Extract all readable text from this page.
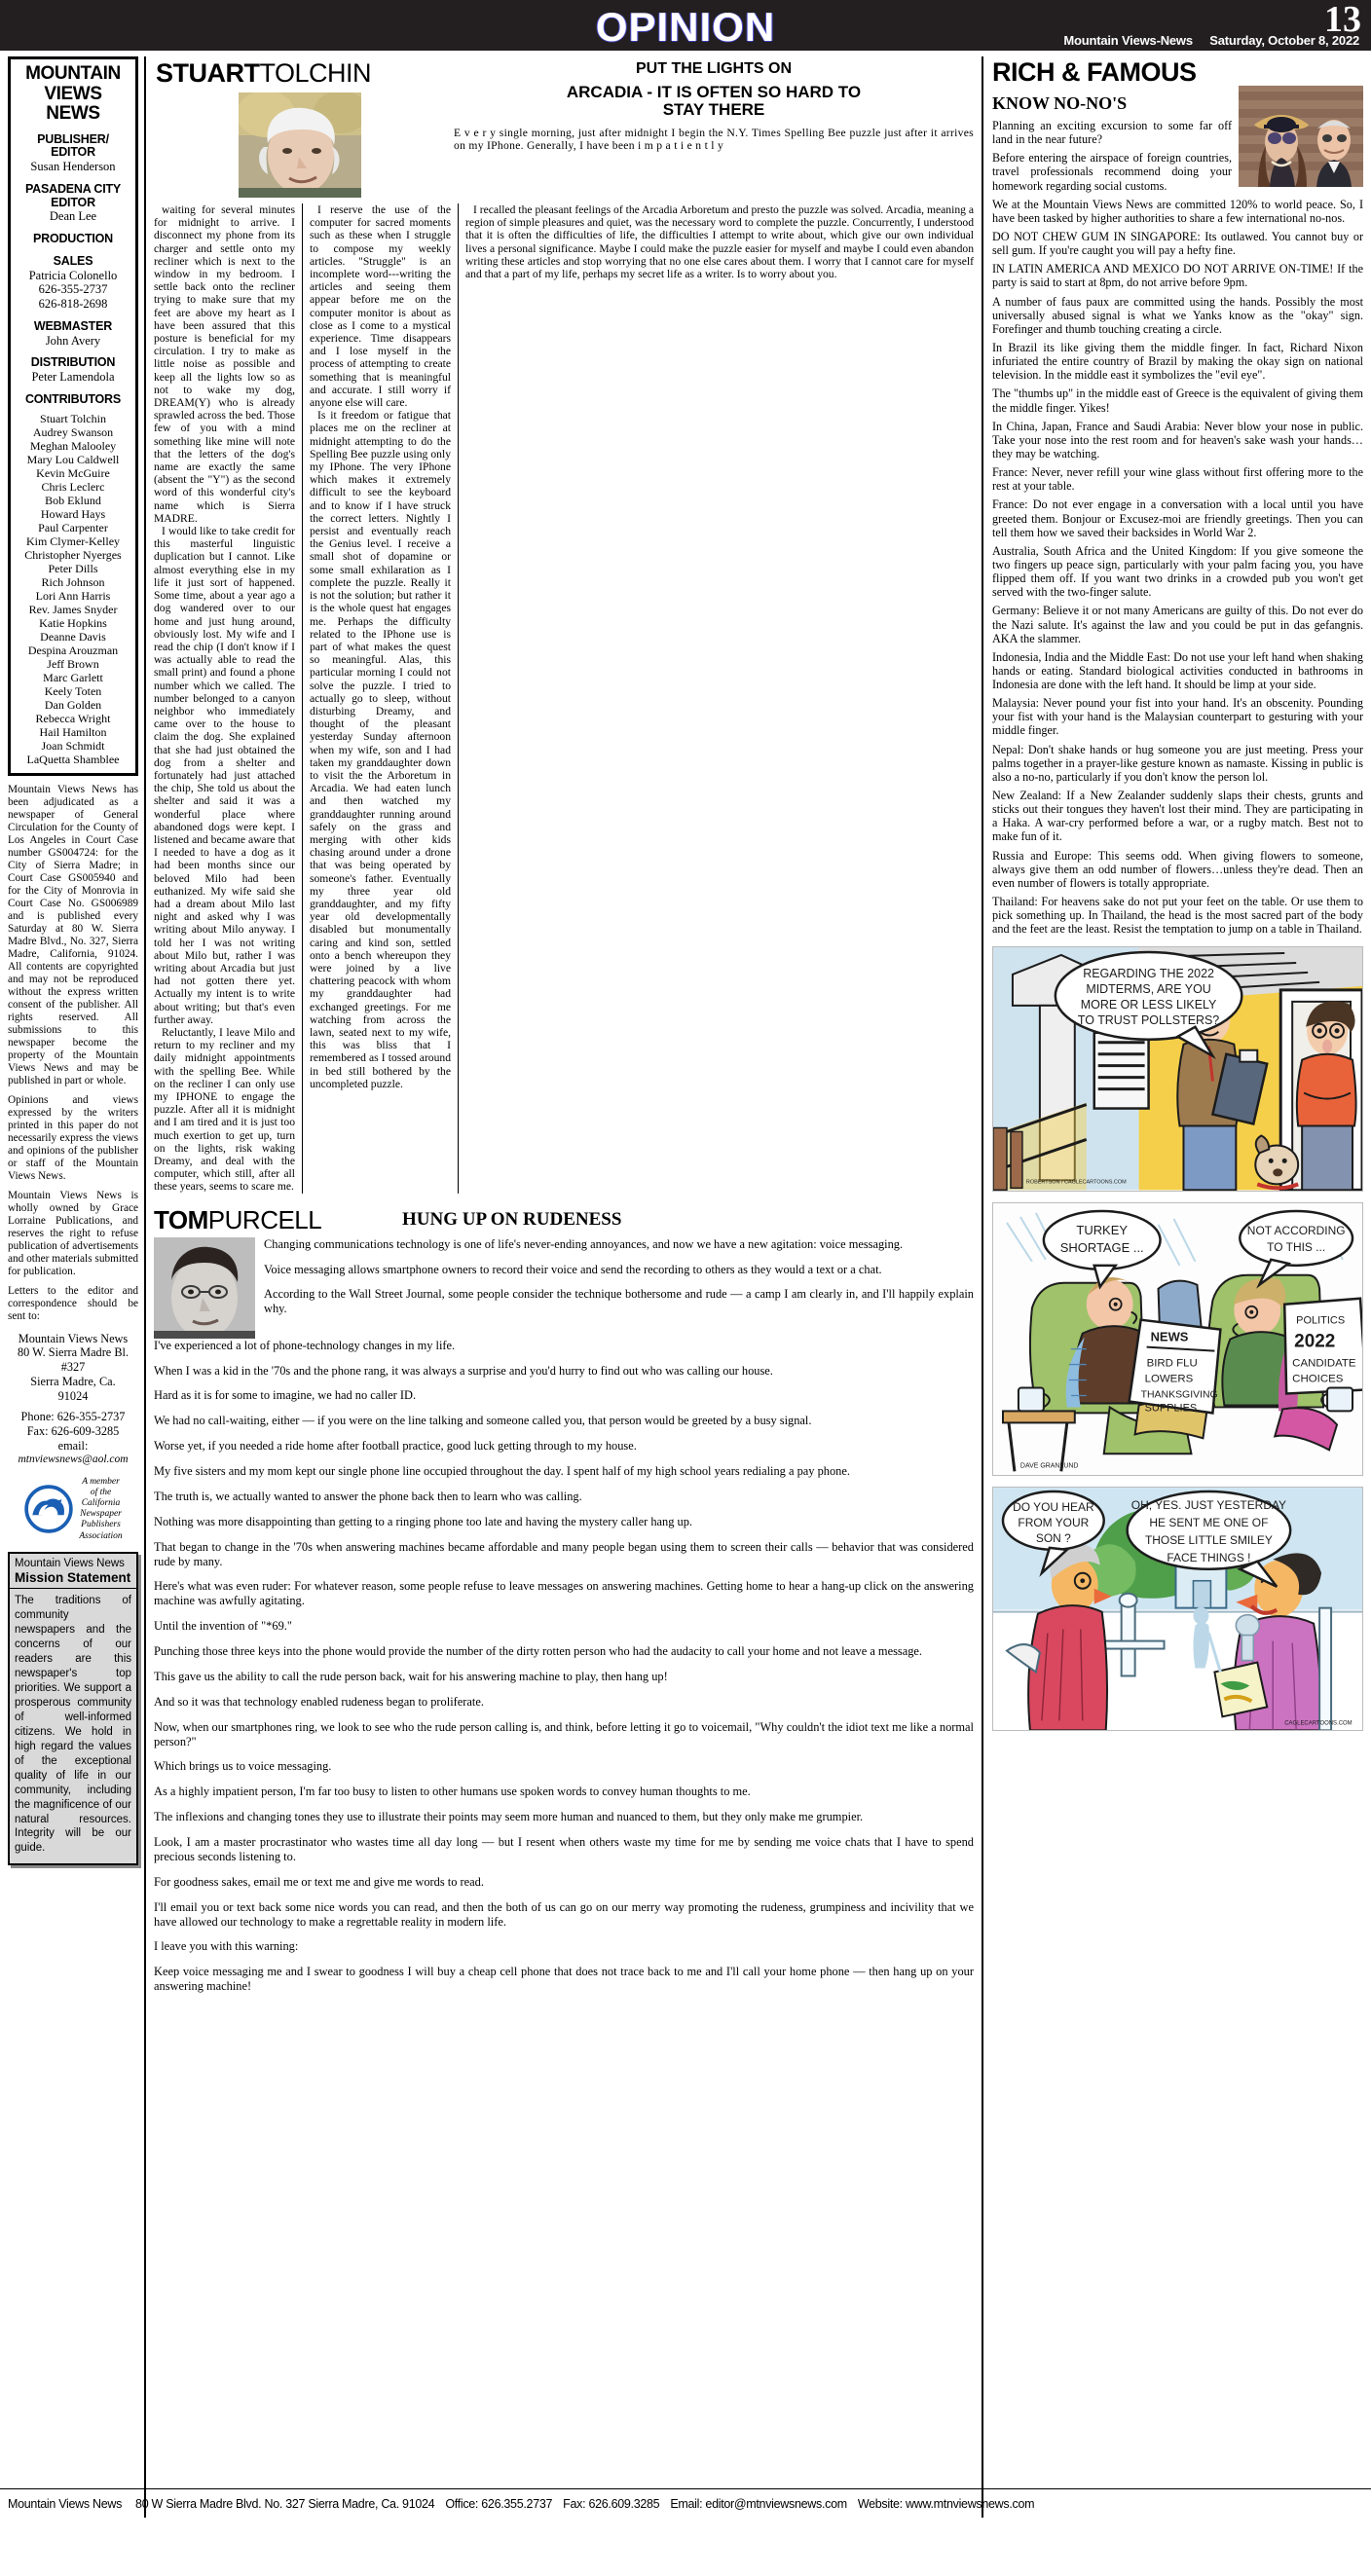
OPINION	13
Mountain Views-News Saturday, October 8, 2022
MOUNTAIN
VIEWS
NEWS
PUBLISHER/ EDITOR
Susan Henderson
PASADENA CITY
EDITOR
Dean Lee
PRODUCTION
SALES
Patricia Colonello
626-355-2737
626-818-2698
WEBMASTER
John Avery
DISTRIBUTION
Peter Lamendola
CONTRIBUTORS
Stuart Tolchin
Audrey Swanson
Meghan Malooley
Mary Lou Caldwell
Kevin McGuire
Chris Leclerc
Bob Eklund
Howard Hays
Paul Carpenter
Kim Clymer-Kelley
Christopher Nyerges
Peter Dills
Rich Johnson
Lori Ann Harris
Rev. James Snyder
Katie Hopkins
Deanne Davis
Despina Arouzman
Jeff Brown
Marc Garlett
Keely Toten
Dan Golden
Rebecca Wright
Hail Hamilton
Joan Schmidt
LaQuetta Shamblee

Mountain Views News has been adjudicated as a newspaper of General Circulation for the County of Los Angeles in Court Case number GS004724: for the City of Sierra Madre; in Court Case GS005940 and for the City of Monrovia in Court Case No. GS006989 and is published every Saturday at 80 W. Sierra Madre Blvd., No. 327, Sierra Madre, California, 91024. All contents are copyrighted and may not be reproduced without the express written consent of the publisher. All rights reserved. All submissions to this newspaper become the property of the Mountain Views News and may be published in part or whole.

Opinions and views expressed by the writers printed in this paper do not necessarily express the views and opinions of the publisher or staff of the Mountain Views News.

Mountain Views News is wholly owned by Grace Lorraine Publications, and reserves the right to refuse publication of advertisements and other materials submitted for publication.

Letters to the editor and correspondence should be sent to:

Mountain Views News
80 W. Sierra Madre Bl.
#327
Sierra Madre, Ca.
91024
Phone: 626-355-2737
Fax: 626-609-3285
email:
mtnviewsnews@aol.com
A member
of the
California
Newspaper
Publishers
Association
Mountain Views News
Mission Statement
The traditions of community newspapers and the concerns of our readers are this newspaper's top priorities. We support a prosperous community of well-informed citizens. We hold in high regard the values of the exceptional quality of life in our community, including the magnificence of our natural resources. Integrity will be our guide.
STUARTTOLCHIN	PUT THE LIGHTS ON
ARCADIA - IT IS OFTEN SO HARD TO
STAY THERE
E v e r y single morning, just after midnight I begin the N.Y. Times Spelling Bee puzzle just after it arrives on my IPhone. Generally, I have been i m p a t i e n t l y

waiting for several minutes for midnight to arrive. I disconnect my phone from its charger and settle onto my recliner which is next to the window in my bedroom. I settle back onto the recliner trying to make sure that my feet are above my heart as I have been assured that this posture is beneficial for my circulation. I try to make as little noise as possible and keep all the lights low so as not to wake my dog, DREAM(Y) who is already sprawled across the bed. Those few of you with a mind something like mine will note that the letters of the dog's name are exactly the same (absent the "Y") as the second word of this wonderful city's name which is Sierra MADRE.

I would like to take credit for this masterful linguistic duplication but I cannot. Like almost everything else in my life it just sort of happened. Some time, about a year ago a dog wandered over to our home and just hung around, obviously lost. My wife and I read the chip (I don't know if I was actually able to read the small print) and found a phone number which we called. The number belonged to a canyon neighbor who immediately came over to the house to claim the dog. She explained that she had just obtained the dog from a shelter and fortunately had just attached the chip, She told us about the shelter and said it was a wonderful place where abandoned dogs were kept. I listened and became aware that I needed to have a dog as it had been months since our beloved Milo had been euthanized. My wife said she had a dream about Milo last night and asked why I was writing about Milo anyway. I told her I was not writing about Milo but, rather I was writing about Arcadia but just had not gotten there yet. Actually my intent is to write about writing; but that's even further away.

Reluctantly, I leave Milo and return to my recliner and my daily midnight appointments with the spelling Bee. While on the recliner I can only use my IPHONE to engage the puzzle. After all it is midnight and I am tired and it is just too much exertion to get up, turn on the lights, risk waking Dreamy, and deal with the computer, which still, after all these years, seems to scare me.

I reserve the use of the computer for sacred moments such as these when I struggle to compose my weekly articles. "Struggle" is an incomplete word---writing the articles and seeing them appear before me on the computer monitor is about as close as I come to a mystical experience. Time disappears and I lose myself in the process of attempting to create something that is meaningful and accurate. I still worry if anyone else will care.

Is it freedom or fatigue that places me on the recliner at midnight attempting to do the Spelling Bee puzzle using only my IPhone. The very IPhone which makes it extremely difficult to see the keyboard and to know if I have struck the correct letters. Nightly I persist and eventually reach the Genius level. I receive a small shot of dopamine or some small exhilaration as I complete the puzzle. Really it is not the solution; but rather it is the whole quest hat engages me. Perhaps the difficulty related to the IPhone use is part of what makes the quest so meaningful. Alas, this particular morning I could not solve the puzzle. I tried to actually go to sleep, without disturbing Dreamy, and thought of the pleasant yesterday Sunday afternoon when my wife, son and I had taken my granddaughter down to visit the the Arboretum in Arcadia. We had eaten lunch and then watched my granddaughter running around safely on the grass and merging with other kids chasing around under a drone that was being operated by someone's father. Eventually my three year old granddaughter, and my fifty year old developmentally disabled but monumentally caring and kind son, settled onto a bench whereupon they were joined by a live chattering peacock with whom my granddaughter had exchanged greetings. For me watching from across the lawn, seated next to my wife, this was bliss that I remembered as I tossed around in bed still bothered by the uncompleted puzzle.

I recalled the pleasant feelings of the Arcadia Arboretum and presto the puzzle was solved. Arcadia, meaning a region of simple pleasures and quiet, was the necessary word to complete the puzzle. Concurrently, I understood that it is often the difficulties of life, the difficulties I attempt to write about, which give our own individual lives a personal significance. Maybe I could make the puzzle easier for myself and maybe I could even abandon writing these articles and stop worrying that no one else cares about them. I worry that I cannot care for myself and that a part of my life, perhaps my secret life as a writer. Is to worry about you.

TOMPURCELL	HUNG UP ON RUDENESS

Changing communications technology is one of life's never-ending annoyances, and now we have a new agitation: voice messaging.

Voice messaging allows smartphone owners to record their voice and send the recording to others as they would a text or a chat.

According to the Wall Street Journal, some people consider the technique bothersome and rude — a camp I am clearly in, and I'll happily explain why.

I've experienced a lot of phone-technology changes in my life.

When I was a kid in the '70s and the phone rang, it was always a surprise and you'd hurry to find out who was calling our house.

Hard as it is for some to imagine, we had no caller ID.

We had no call-waiting, either — if you were on the line talking and someone called you, that person would be greeted by a busy signal.

Worse yet, if you needed a ride home after football practice, good luck getting through to my house.

My five sisters and my mom kept our single phone line occupied throughout the day. I spent half of my high school years redialing a pay phone.

The truth is, we actually wanted to answer the phone back then to learn who was calling.

Nothing was more disappointing than getting to a ringing phone too late and having the mystery caller hang up.

That began to change in the '70s when answering machines became affordable and many people began using them to screen their calls — behavior that was considered rude by many.

Here's what was even ruder: For whatever reason, some people refuse to leave messages on answering machines. Getting home to hear a hang-up click on the answering machine was awfully agitating.

Until the invention of "*69."

Punching those three keys into the phone would provide the number of the dirty rotten person who had the audacity to call your home and not leave a message.

This gave us the ability to call the rude person back, wait for his answering machine to play, then hang up!

And so it was that technology enabled rudeness began to proliferate.

Now, when our smartphones ring, we look to see who the rude person calling is, and think, before letting it go to voicemail, "Why couldn't the idiot text me like a normal person?"

Which brings us to voice messaging.

As a highly impatient person, I'm far too busy to listen to other humans use spoken words to convey human thoughts to me.

The inflexions and changing tones they use to illustrate their points may seem more human and nuanced to them, but they only make me grumpier.

Look, I am a master procrastinator who wastes time all day long — but I resent when others waste my time for me by sending me voice chats that I have to spend precious seconds listening to.

For goodness sakes, email me or text me and give me words to read.

I'll email you or text back some nice words you can read, and then the both of us can go on our merry way promoting the rudeness, grumpiness and incivility that we have allowed our technology to make a regrettable reality in modern life.

I leave you with this warning:

Keep voice messaging me and I swear to goodness I will buy a cheap cell phone that does not trace back to me and I'll call your home phone — then hang up on your answering machine!

RICH & FAMOUS
KNOW NO-NO'S

Planning an exciting excursion to some far off land in the near future?

Before entering the airspace of foreign countries, travel professionals recommend doing your homework regarding social customs.

We at the Mountain Views News are committed 120% to world peace. So, I have been tasked by higher authorities to share a few international no-nos.

DO NOT CHEW GUM IN SINGAPORE: Its outlawed. You cannot buy or sell gum. If you're caught you will pay a hefty fine.

IN LATIN AMERICA AND MEXICO DO NOT ARRIVE ON-TIME! If the party is said to start at 8pm, do not arrive before 9pm.

A number of faus paux are committed using the hands. Possibly the most universally abused signal is what we Yanks know as the "okay" sign. Forefinger and thumb touching creating a circle.

In Brazil its like giving them the middle finger. In fact, Richard Nixon infuriated the entire country of Brazil by making the okay sign on national television. In the middle east it symbolizes the "evil eye".

The "thumbs up" in the middle east of Greece is the equivalent of giving them the middle finger. Yikes!

In China, Japan, France and Saudi Arabia: Never blow your nose in public. Take your nose into the rest room and for heaven's sake wash your hands… they may be watching.

France: Never, never refill your wine glass without first offering more to the rest at your table.

France: Do not ever engage in a conversation with a local until you have greeted them. Bonjour or Excusez-moi are friendly greetings. Then you can tell them how we saved their backsides in World War 2.

Australia, South Africa and the United Kingdom: If you give someone the two fingers up peace sign, particularly with your palm facing you, you have flipped them off. If you want two drinks in a crowded pub you won't get served with the two-finger salute.

Germany: Believe it or not many Americans are guilty of this. Do not ever do the Nazi salute. It's against the law and you could be put in das gefangnis. AKA the slammer.

Indonesia, India and the Middle East: Do not use your left hand when shaking hands or eating. Standard biological activities conducted in bathrooms in Indonesia are done with the left hand. It should be limp at your side.

Malaysia: Never pound your fist into your hand. It's an obscenity. Pounding your fist with your hand is the Malaysian counterpart to gesturing with your middle finger.

Nepal: Don't shake hands or hug someone you are just meeting. Press your palms together in a prayer-like gesture known as namaste. Kissing in public is also a no-no, particularly if you don't know the person lol.

New Zealand: If a New Zealander suddenly slaps their chests, grunts and sticks out their tongues they haven't lost their mind. They are participating in a Haka. A war-cry performed before a war, or a rugby match. Best not to make fun of it.

Russia and Europe: This seems odd. When giving flowers to someone, always give them an odd number of flowers…unless they're dead. Then an even number of flowers is totally appropriate.

Thailand: For heavens sake do not put your feet on the table. Or use them to pick something up. In Thailand, the head is the most sacred part of the body and the feet are the least. Resist the temptation to jump on a table in Thailand.

REGARDING THE 2022
MIDTERMS, ARE YOU
MORE OR LESS LIKELY
TO TRUST POLLSTERS?
ROBERTSON / CAGLECARTOONS.COM
NEWS
BIRD FLU
LOWERS
THANKSGIVING
SUPPLIES
POLITICS
2022
CANDIDATE
CHOICES
TURKEY
SHORTAGE ...
NOT ACCORDING
TO THIS ...
DAVE GRANLUND
DO YOU HEAR
FROM YOUR
SON ?
OH, YES. JUST YESTERDAY
HE SENT ME ONE OF
THOSE LITTLE SMILEY
FACE THINGS !
CAGLECARTOONS.COM
Mountain Views News 80 W Sierra Madre Blvd. No. 327 Sierra Madre, Ca. 91024 Office: 626.355.2737 Fax: 626.609.3285 Email: editor@mtnviewsnews.com Website: www.mtnviewsnews.com
